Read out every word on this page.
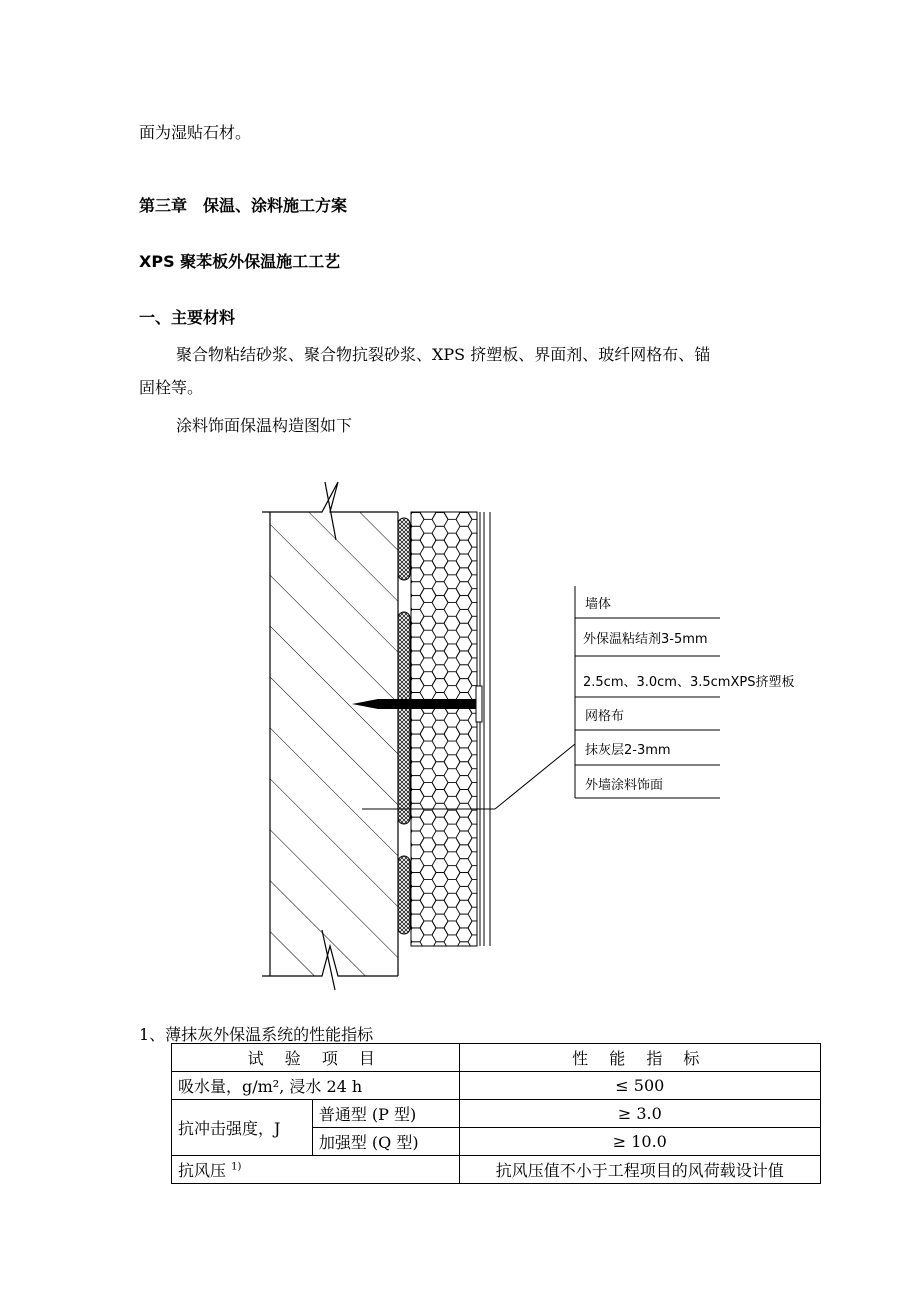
面为湿贴石材。
第三章　保温、涂料施工方案
XPS 聚苯板外保温施工工艺
一、主要材料
聚合物粘结砂浆、聚合物抗裂砂浆、XPS 挤塑板、界面剂、玻纤网格布、锚
固栓等。
涂料饰面保温构造图如下
墙体
外保温粘结剂3-5mm
2.5cm、3.0cm、3.5cmXPS挤塑板
网格布
抹灰层2-3mm
外墙涂料饰面
1、薄抹灰外保温系统的性能指标
试 验 项 目		性 能 指 标
吸水量，g/m², 浸水 24 h		≤ 500
抗冲击强度，J	普通型 (P 型)	≥ 3.0
	加强型 (Q 型)	≥ 10.0
抗风压 $^{1)}$		抗风压值不小于工程项目的风荷载设计值
